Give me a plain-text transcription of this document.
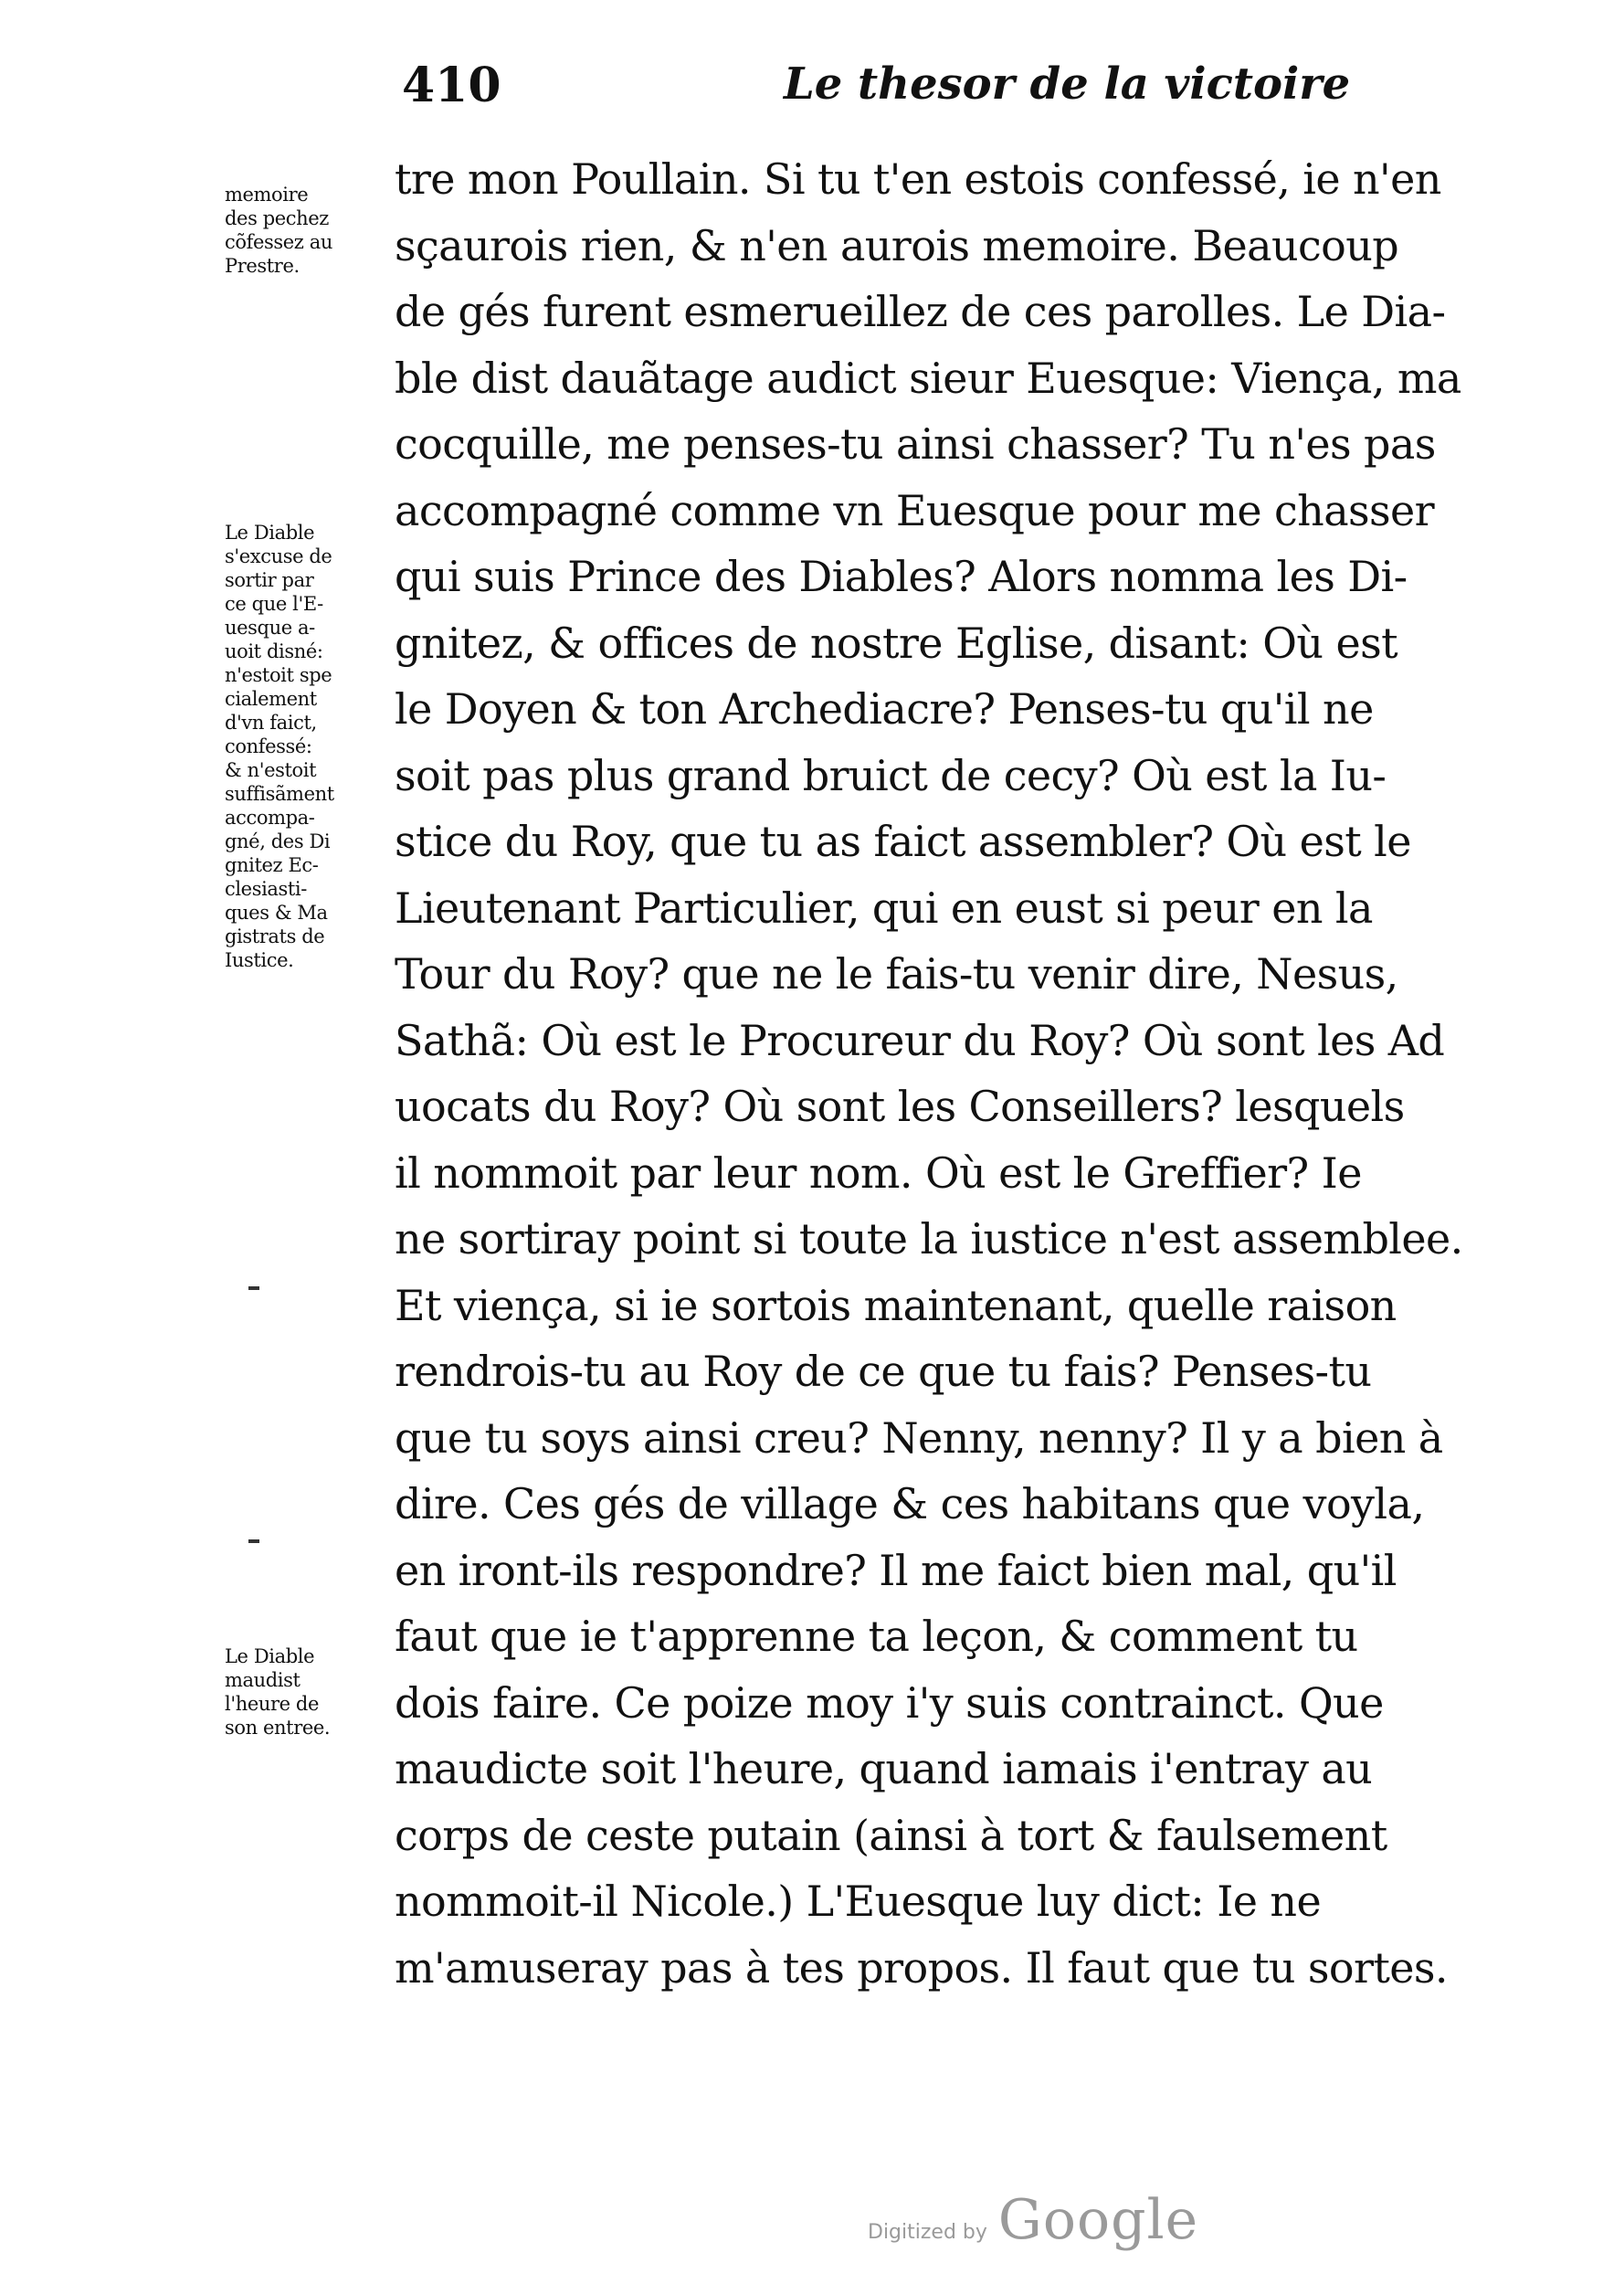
410	Le thesor de la victoire
memoire
des pechez
cõfessez au
Prestre.
Le Diable
s'excuse de
sortir par
ce que l'E-
uesque a-
uoit disné:
n'estoit spe
cialement
d'vn faict,
confessé:
& n'estoit
suffisãment
accompa-
gné, des Di
gnitez Ec-
clesiasti-
ques & Ma
gistrats de
Iustice.
Le Diable
maudist
l'heure de
son entree.
tre mon Poullain. Si tu t'en estois confessé, ie n'en
sçaurois rien, & n'en aurois memoire. Beaucoup
de gés furent esmerueillez de ces parolles. Le Dia-
ble dist dauãtage audict sieur Euesque: Viença, ma
cocquille, me penses-tu ainsi chasser? Tu n'es pas
accompagné comme vn Euesque pour me chasser
qui suis Prince des Diables? Alors nomma les Di-
gnitez, & offices de nostre Eglise, disant: Où est
le Doyen & ton Archediacre? Penses-tu qu'il ne
soit pas plus grand bruict de cecy? Où est la Iu-
stice du Roy, que tu as faict assembler? Où est le
Lieutenant Particulier, qui en eust si peur en la
Tour du Roy? que ne le fais-tu venir dire, Nesus,
Sathã: Où est le Procureur du Roy? Où sont les Ad
uocats du Roy? Où sont les Conseillers? lesquels
il nommoit par leur nom. Où est le Greffier? Ie
ne sortiray point si toute la iustice n'est assemblee.
Et viença, si ie sortois maintenant, quelle raison
rendrois-tu au Roy de ce que tu fais? Penses-tu
que tu soys ainsi creu? Nenny, nenny? Il y a bien à
dire. Ces gés de village & ces habitans que voyla,
en iront-ils respondre? Il me faict bien mal, qu'il
faut que ie t'apprenne ta leçon, & comment tu
dois faire. Ce poize moy i'y suis contrainct. Que
maudicte soit l'heure, quand iamais i'entray au
corps de ceste putain (ainsi à tort & faulsement
nommoit-il Nicole.) L'Euesque luy dict: Ie ne
m'amuseray pas à tes propos. Il faut que tu sortes.
Digitized by Google
